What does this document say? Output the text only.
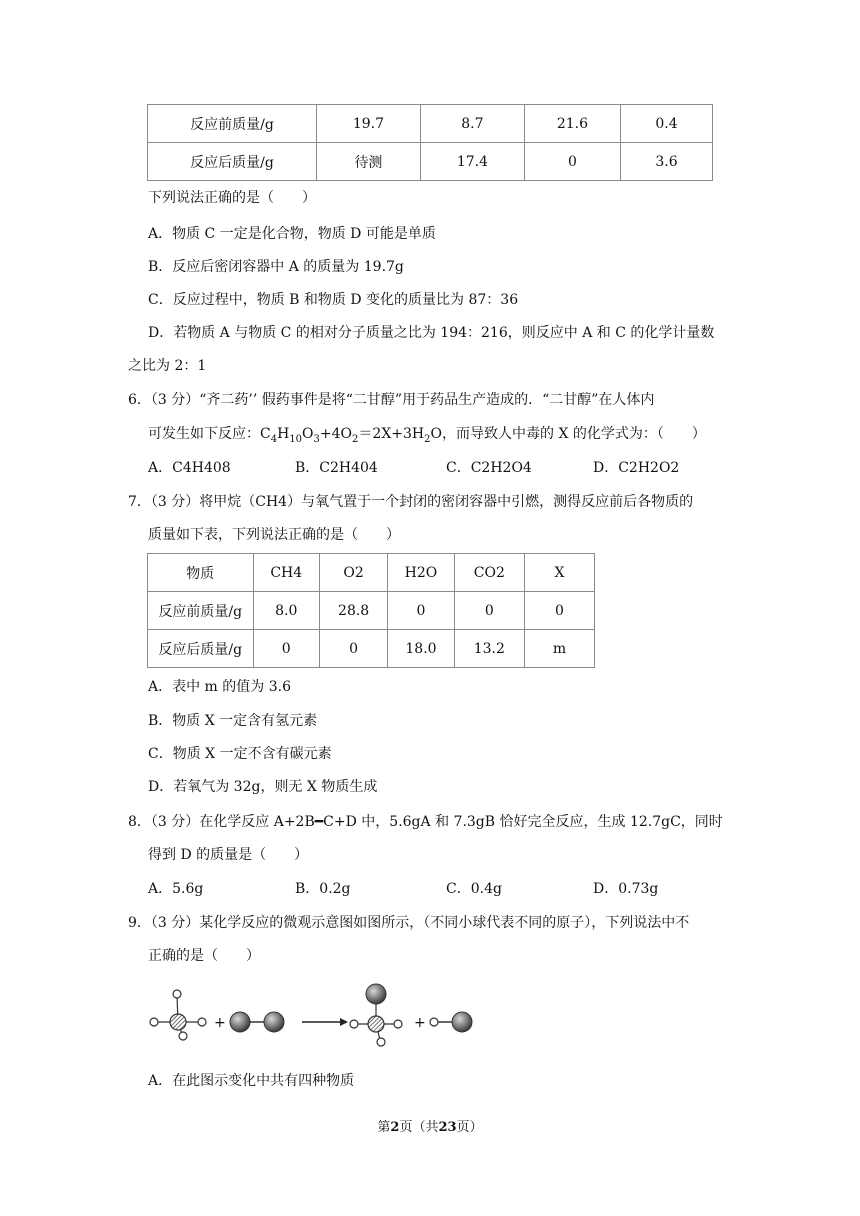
反应前质量/g	19.7	8.7	21.6	0.4
反应后质量/g	待测	17.4	0	3.6
下列说法正确的是（　　）
A．物质 C 一定是化合物，物质 D 可能是单质
B．反应后密闭容器中 A 的质量为 19.7g
C．反应过程中，物质 B 和物质 D 变化的质量比为 87：36
D．若物质 A 与物质 C 的相对分子质量之比为 194：216，则反应中 A 和 C 的化学计量数
之比为 2：1
6．（3 分）“齐二药’’ 假药事件是将“二甘醇”用于药品生产造成的．“二甘醇”在人体内
可发生如下反应：$C_4H_{10}O_3+4O_2=2X+3H_2O$，而导致人中毒的 X 的化学式为：（　　）
A．C4H408	B．C2H404	C．C2H2O4	D．C2H2O2
7．（3 分）将甲烷（CH4）与氧气置于一个封闭的密闭容器中引燃，测得反应前后各物质的
质量如下表，下列说法正确的是（　　）
物质	CH4	O2	H2O	CO2	X
反应前质量/g	8.0	28.8	0	0	0
反应后质量/g	0	0	18.0	13.2	m
A．表中 m 的值为 3.6
B．物质 X 一定含有氢元素
C．物质 X 一定不含有碳元素
D．若氧气为 32g，则无 X 物质生成
8．（3 分）在化学反应 A+2B━C+D 中，5.6gA 和 7.3gB 恰好完全反应，生成 12.7gC，同时
得到 D 的质量是（　　）
A．5.6g	B．0.2g	C．0.4g	D．0.73g
9．（3 分）某化学反应的微观示意图如图所示，（不同小球代表不同的原子），下列说法中不
正确的是（　　）
+	+
A．在此图示变化中共有四种物质
第2页（共23页）
